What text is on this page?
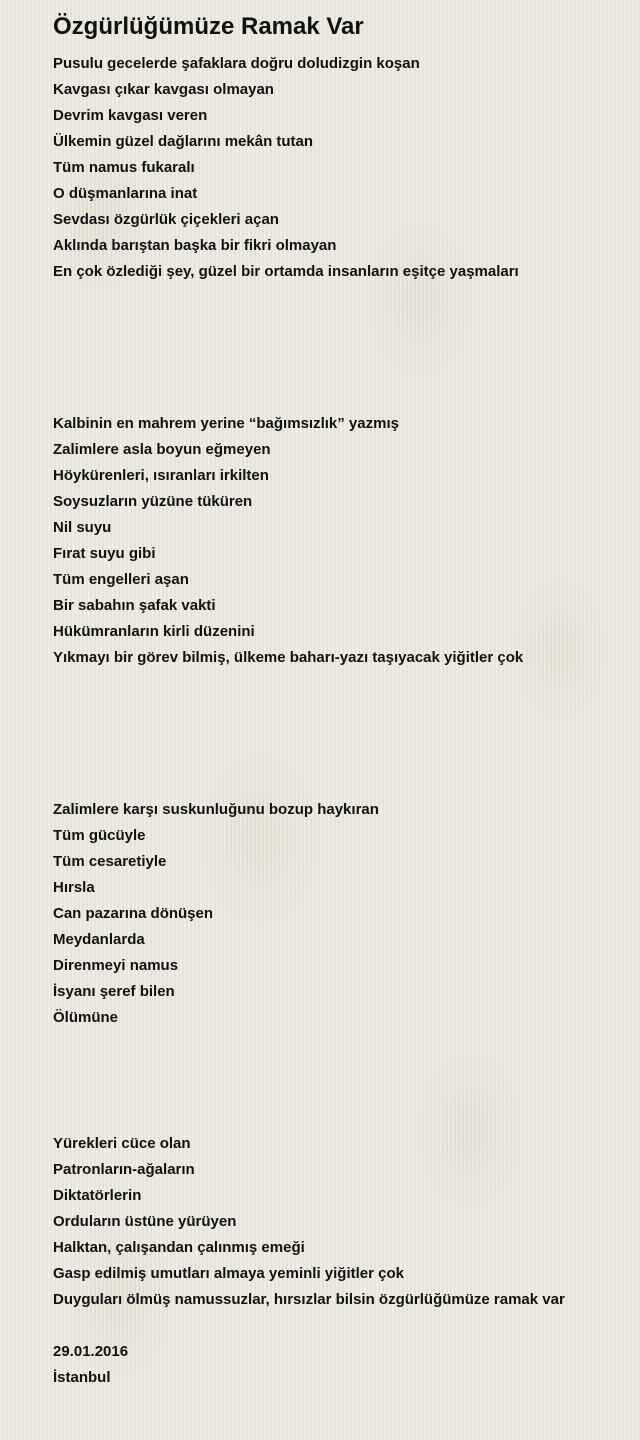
Özgürlüğümüze Ramak Var
Pusulu gecelerde şafaklara doğru doludizgin koşan
Kavgası çıkar kavgası olmayan
Devrim kavgası veren
Ülkemin güzel dağlarını mekân tutan
Tüm namus fukaralı
O düşmanlarına inat
Sevdası özgürlük çiçekleri açan
Aklında barıştan başka bir fikri olmayan
En çok özlediği şey, güzel bir ortamda insanların eşitçe yaşmaları
Kalbinin en mahrem yerine “bağımsızlık” yazmış
Zalimlere asla boyun eğmeyen
Höykürenleri, ısıranları irkilten
Soysuzların yüzüne tüküren
Nil suyu
Fırat suyu gibi
Tüm engelleri aşan
Bir sabahın şafak vakti
Hükümranların kirli düzenini
Yıkmayı bir görev bilmiş, ülkeme baharı-yazı taşıyacak yiğitler çok
Zalimlere karşı suskunluğunu bozup haykıran
Tüm gücüyle
Tüm cesaretiyle
Hırsla
Can pazarına dönüşen
Meydanlarda
Direnmeyi namus
İsyanı şeref bilen
Ölümüne
Yürekleri cüce olan
Patronların-ağaların
Diktatörlerin
Orduların üstüne yürüyen
Halktan, çalışandan çalınmış emeği
Gasp edilmiş umutları almaya yeminli yiğitler çok
Duyguları ölmüş namussuzlar, hırsızlar bilsin özgürlüğümüze ramak var
29.01.2016
İstanbul
